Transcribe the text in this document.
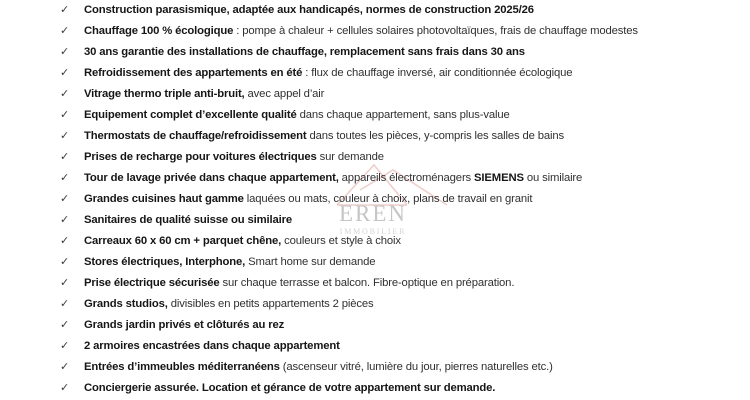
EREN
IMMOBILIER
✓	Construction parasismique, adaptée aux handicapés, normes de construction 2025/26
✓	Chauffage 100 % écologique : pompe à chaleur + cellules solaires photovoltaïques, frais de chauffage modestes
✓	30 ans garantie des installations de chauffage, remplacement sans frais dans 30 ans
✓	Refroidissement des appartements en été : flux de chauffage inversé, air conditionnée écologique
✓	Vitrage thermo triple anti-bruit, avec appel d’air
✓	Equipement complet d’excellente qualité dans chaque appartement, sans plus-value
✓	Thermostats de chauffage/refroidissement dans toutes les pièces, y-compris les salles de bains
✓	Prises de recharge pour voitures électriques sur demande
✓	Tour de lavage privée dans chaque appartement, appareils électroménagers SIEMENS ou similaire
✓	Grandes cuisines haut gamme laquées ou mats, couleur à choix, plans de travail en granit
✓	Sanitaires de qualité suisse ou similaire
✓	Carreaux 60 x 60 cm + parquet chêne, couleurs et style à choix
✓	Stores électriques, Interphone, Smart home sur demande
✓	Prise électrique sécurisée sur chaque terrasse et balcon. Fibre-optique en préparation.
✓	Grands studios, divisibles en petits appartements 2 pièces
✓	Grands jardin privés et clôturés au rez
✓	2 armoires encastrées dans chaque appartement
✓	Entrées d’immeubles méditerranéens (ascenseur vitré, lumière du jour, pierres naturelles etc.)
✓	Conciergerie assurée. Location et gérance de votre appartement sur demande.
